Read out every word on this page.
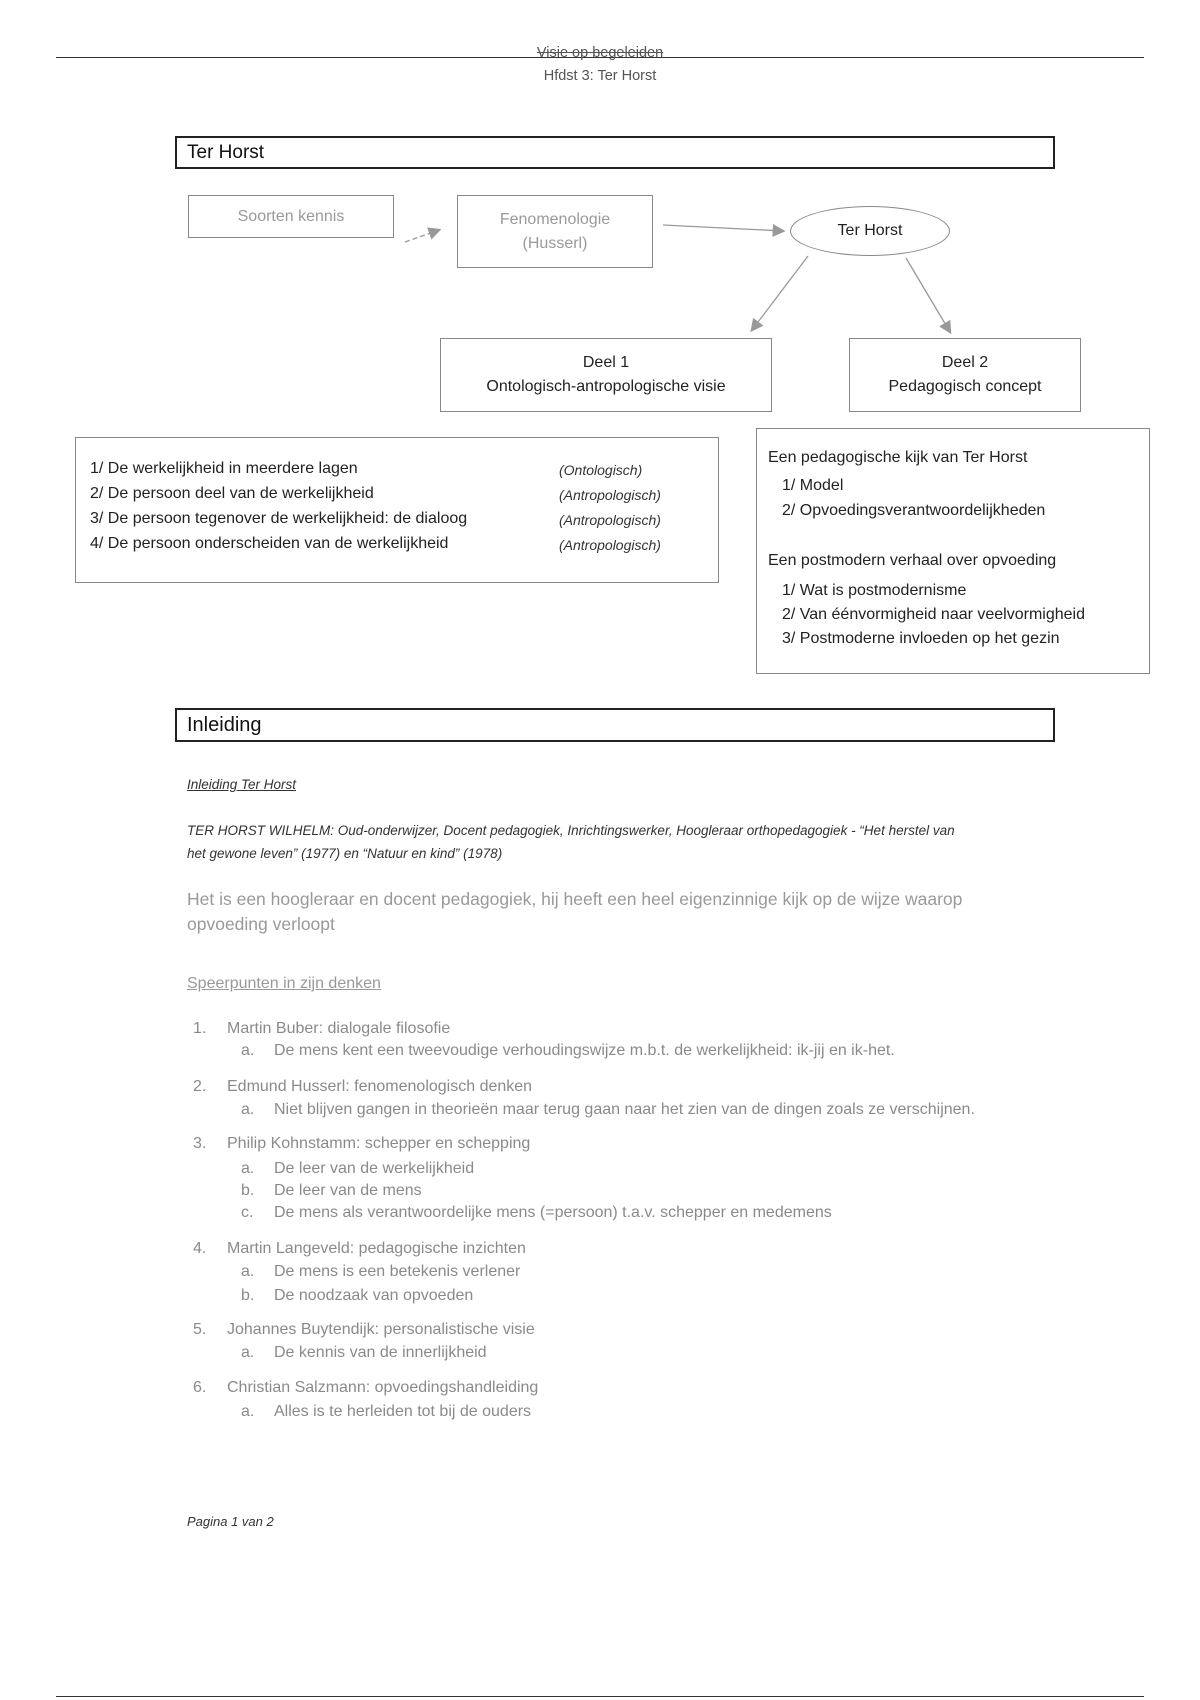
Visie op begeleiden
Hfdst 3: Ter Horst
Ter Horst
Soorten kennis	Fenomenologie
(Husserl)
Ter Horst
Deel 1
Ontologisch-antropologische visie
Deel 2
Pedagogisch concept
1/ De werkelijkheid in meerdere lagen	(Ontologisch)
2/ De persoon deel van de werkelijkheid	(Antropologisch)
3/ De persoon tegenover de werkelijkheid: de dialoog	(Antropologisch)
4/ De persoon onderscheiden van de werkelijkheid	(Antropologisch)
Een pedagogische kijk van Ter Horst
1/ Model
2/ Opvoedingsverantwoordelijkheden
Een postmodern verhaal over opvoeding
1/ Wat is postmodernisme
2/ Van éénvormigheid naar veelvormigheid
3/ Postmoderne invloeden op het gezin
Inleiding
Inleiding Ter Horst
TER HORST WILHELM: Oud-onderwijzer, Docent pedagogiek, Inrichtingswerker, Hoogleraar orthopedagogiek - “Het herstel van
het gewone leven” (1977) en “Natuur en kind” (1978)
Het is een hoogleraar en docent pedagogiek, hij heeft een heel eigenzinnige kijk op de wijze waarop
opvoeding verloopt
Speerpunten in zijn denken
1. Martin Buber: dialogale filosofie
a. De mens kent een tweevoudige verhoudingswijze m.b.t. de werkelijkheid: ik-jij en ik-het.
2. Edmund Husserl: fenomenologisch denken
a. Niet blijven gangen in theorieën maar terug gaan naar het zien van de dingen zoals ze verschijnen.
3. Philip Kohnstamm: schepper en schepping
a. De leer van de werkelijkheid
b. De leer van de mens
c. De mens als verantwoordelijke mens (=persoon) t.a.v. schepper en medemens
4. Martin Langeveld: pedagogische inzichten
a. De mens is een betekenis verlener
b. De noodzaak van opvoeden
5. Johannes Buytendijk: personalistische visie
a. De kennis van de innerlijkheid
6. Christian Salzmann: opvoedingshandleiding
a. Alles is te herleiden tot bij de ouders
Pagina 1 van 2
